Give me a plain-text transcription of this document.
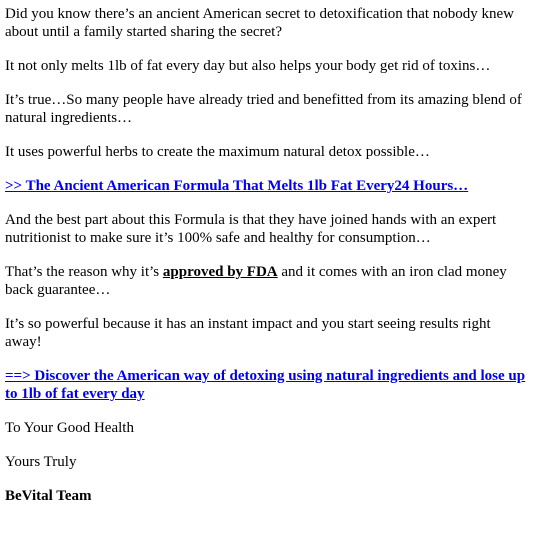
Did you know there’s an ancient American secret to detoxification that nobody knew about until a family started sharing the secret?

It not only melts 1lb of fat every day but also helps your body get rid of toxins…

It’s true…So many people have already tried and benefitted from its amazing blend of natural ingredients…

It uses powerful herbs to create the maximum natural detox possible…

>> The Ancient American Formula That Melts 1lb Fat Every24 Hours…

And the best part about this Formula is that they have joined hands with an expert nutritionist to make sure it’s 100% safe and healthy for consumption…

That’s the reason why it’s approved by FDA and it comes with an iron clad money back guarantee…

It’s so powerful because it has an instant impact and you start seeing results right away!

==> Discover the American way of detoxing using natural ingredients and lose up to 1lb of fat every day

To Your Good Health

Yours Truly

BeVital Team
